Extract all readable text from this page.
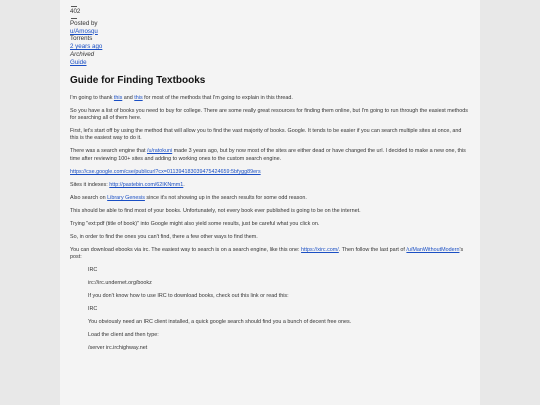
402
Posted by
u/Amosqu
Torrents
2 years ago
Archived
Guide
Guide for Finding Textbooks

I'm going to thank this and this for most of the methods that I'm going to explain in this thread.

So you have a list of books you need to buy for college. There are some really great resources for finding them online, but I'm going to run through the easiest methods for searching all of them here.

First, let's start off by using the method that will allow you to find the vast majority of books. Google. It tends to be easier if you can search multiple sites at once, and this is the easiest way to do it.

There was a search engine that /u/ratokuni made 3 years ago, but by now most of the sites are either dead or have changed the url. I decided to make a new one, this time after reviewing 100+ sites and adding to working ones to the custom search engine.

https://cse.google.com/cse/publicurl?cx=011394183039475424659:5bfygg89ers

Sites it indexes: http://pastebin.com/62IKNmm1.

Also search on Library Genesis since it's not showing up in the search results for some odd reason.

This should be able to find most of your books. Unfortunately, not every book ever published is going to be on the internet.

Trying "ext:pdf (title of book)" into Google might also yield some results, just be careful what you click on.

So, in order to find the ones you can't find, there a few other ways to find them.

You can download ebooks via irc. The easiest way to search is on a search engine, like this one: https://xirc.com/. Then follow the last part of /u/ManWithoutModern's post:

IRC

irc://irc.undernet.org/bookz

If you don't know how to use IRC to download books, check out this link or read this:

IRC

You obviously need an IRC client installed, a quick google search should find you a bunch of decent free ones.

Load the client and then type:

/server irc.irchighway.net
